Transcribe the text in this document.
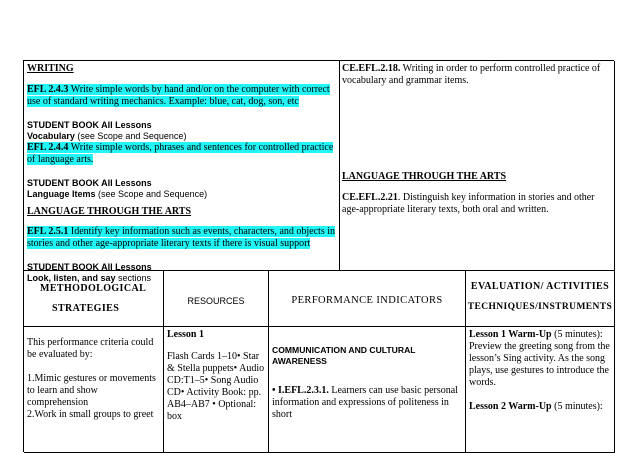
WRITING

EFL 2.4.3 Write simple words by hand and/or on the computer with correct use of standard writing mechanics. Example: blue, cat, dog, son, etc

STUDENT BOOK All Lessons

Vocabulary (see Scope and Sequence)

EFL 2.4.4 Write simple words, phrases and sentences for controlled practice of language arts.

STUDENT BOOK All Lessons

Language Items (see Scope and Sequence)

LANGUAGE THROUGH THE ARTS

EFL 2.5.1 Identify key information such as events, characters, and objects in stories and other age-appropriate literary texts if there is visual support

STUDENT BOOK All Lessons

Look, listen, and say sections

CE.EFL.2.18. Writing in order to perform controlled practice of vocabulary and grammar items.

LANGUAGE THROUGH THE ARTS

CE.EFL.2.21. Distinguish key information in stories and other age-appropriate literary texts, both oral and written.

METHODOLOGICAL

STRATEGIES

RESOURCES	PERFORMANCE INDICATORS

EVALUATION/ ACTIVITIES

TECHNIQUES/INSTRUMENTS

This performance criteria could be evaluated by:

1.Mimic gestures or movements to learn and show comprehension

2.Work in small groups to greet

Lesson 1

Flash Cards 1–10• Star & Stella puppets• Audio CD:T1–5• Song Audio CD• Activity Book: pp. AB4–AB7 • Optional: box

COMMUNICATION AND CULTURAL AWARENESS

• I.EFL.2.3.1. Learners can use basic personal information and expressions of politeness in short

Lesson 1 Warm-Up (5 minutes): Preview the greeting song from the lesson’s Sing activity. As the song plays, use gestures to introduce the words.

Lesson 2 Warm-Up (5 minutes):
